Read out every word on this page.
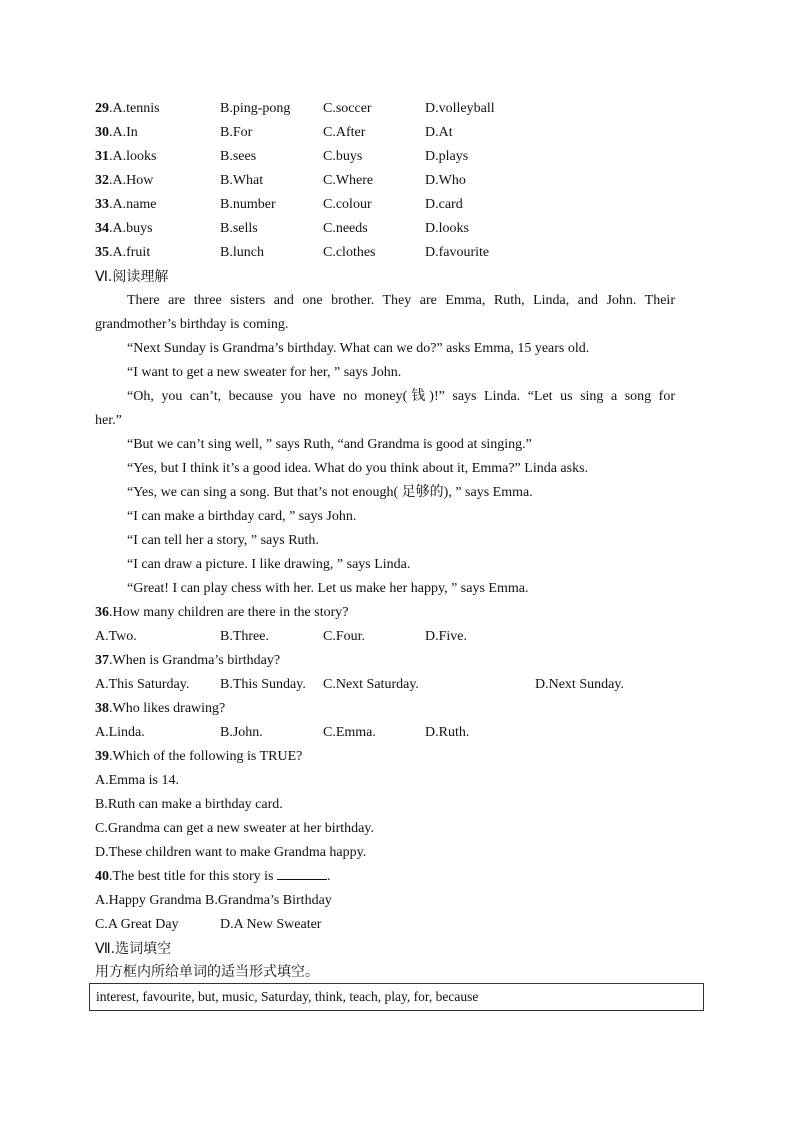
29.A.tennis	B.ping-pong C.soccer	D.volleyball
30.A.In	B.For	C.After	D.At
31.A.looks	B.sees	C.buys	D.plays
32.A.How	B.What	C.Where	D.Who
33.A.name	B.number	C.colour	D.card
34.A.buys	B.sells	C.needs	D.looks
35.A.fruit	B.lunch	C.clothes	D.favourite
Ⅵ.阅读理解
There are three sisters and one brother. They are Emma, Ruth, Linda, and John. Their
grandmother’s birthday is coming.
“Next Sunday is Grandma’s birthday. What can we do?” asks Emma, 15 years old.
“I want to get a new sweater for her, ” says John.
“Oh, you can’t, because you have no money(钱)!” says Linda. “Let us sing a song for
her.”
“But we can’t sing well, ” says Ruth, “and Grandma is good at singing.”
“Yes, but I think it’s a good idea. What do you think about it, Emma?” Linda asks.
“Yes, we can sing a song. But that’s not enough( 足够的), ” says Emma.
“I can make a birthday card, ” says John.
“I can tell her a story, ” says Ruth.
“I can draw a picture. I like drawing, ” says Linda.
“Great! I can play chess with her. Let us make her happy, ” says Emma.
36.How many children are there in the story?
A.Two.	B.Three.	C.Four.	D.Five.
37.When is Grandma’s birthday?
A.This Saturday. B.This Sunday. C.Next Saturday.	D.Next Sunday.
38.Who likes drawing?
A.Linda.	B.John.	C.Emma.	D.Ruth.
39.Which of the following is TRUE?
A.Emma is 14.
B.Ruth can make a birthday card.
C.Grandma can get a new sweater at her birthday.
D.These children want to make Grandma happy.
40.The best title for this story is	.
A.Happy Grandma B.Grandma’s Birthday
C.A Great Day	D.A New Sweater
Ⅶ.选词填空
用方框内所给单词的适当形式填空。
interest, favourite, but, music, Saturday, think, teach, play, for, because
